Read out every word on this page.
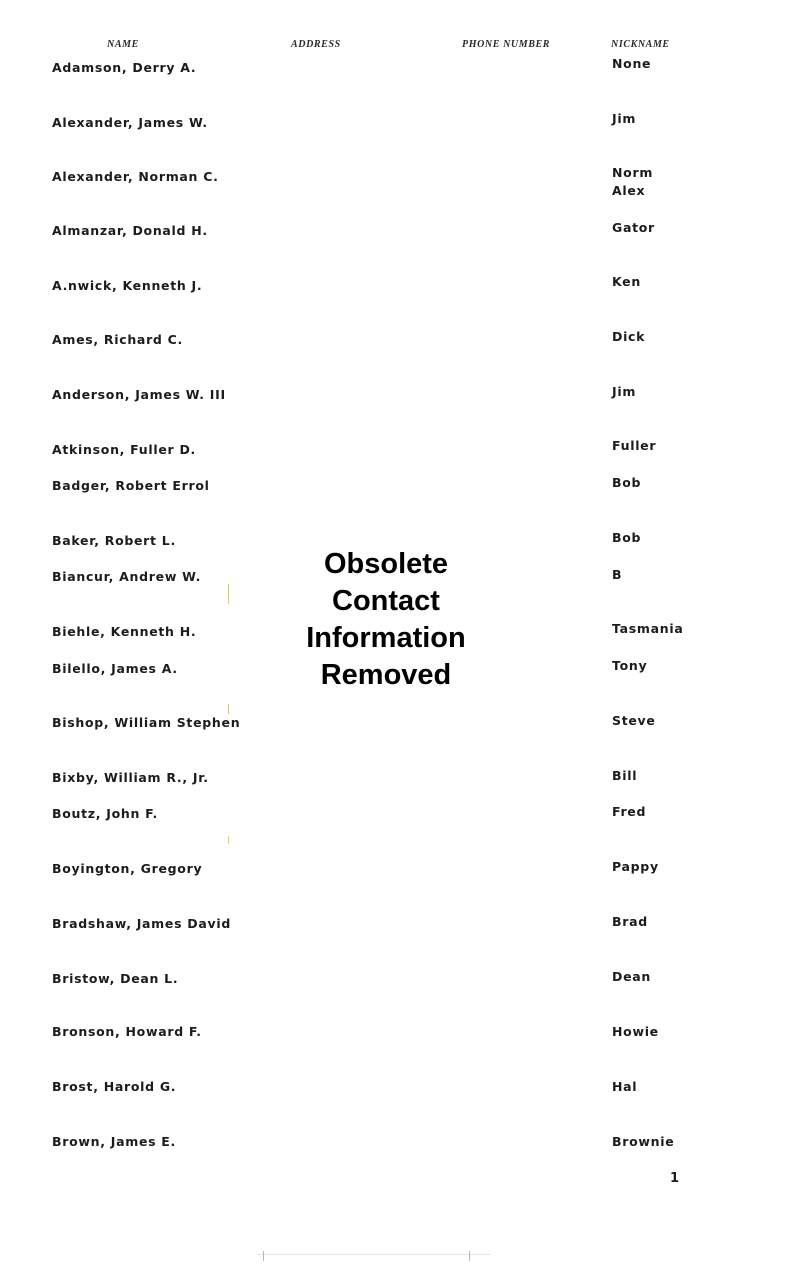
NAME	ADDRESS	PHONE NUMBER	NICKNAME
Adamson, Derry A.	None
Alexander, James W.	Jim
Alexander, Norman C.	Norm
Alex
Almanzar, Donald H.	Gator
A.nwick, Kenneth J.	Ken
Ames, Richard C.	Dick
Anderson, James W. III	Jim
Atkinson, Fuller D.	Fuller
Badger, Robert Errol	Bob
Baker, Robert L.	Bob
Biancur, Andrew W.	B
Biehle, Kenneth H.	Tasmania
Bilello, James A.	Tony
Bishop, William Stephen	Steve
Bixby, William R., Jr.	Bill
Boutz, John F.	Fred
Boyington, Gregory	Pappy
Bradshaw, James David	Brad
Bristow, Dean L.	Dean
Bronson, Howard F.	Howie
Brost, Harold G.	Hal
Brown, James E.	Brownie
Obsolete
Contact
Information
Removed
1
